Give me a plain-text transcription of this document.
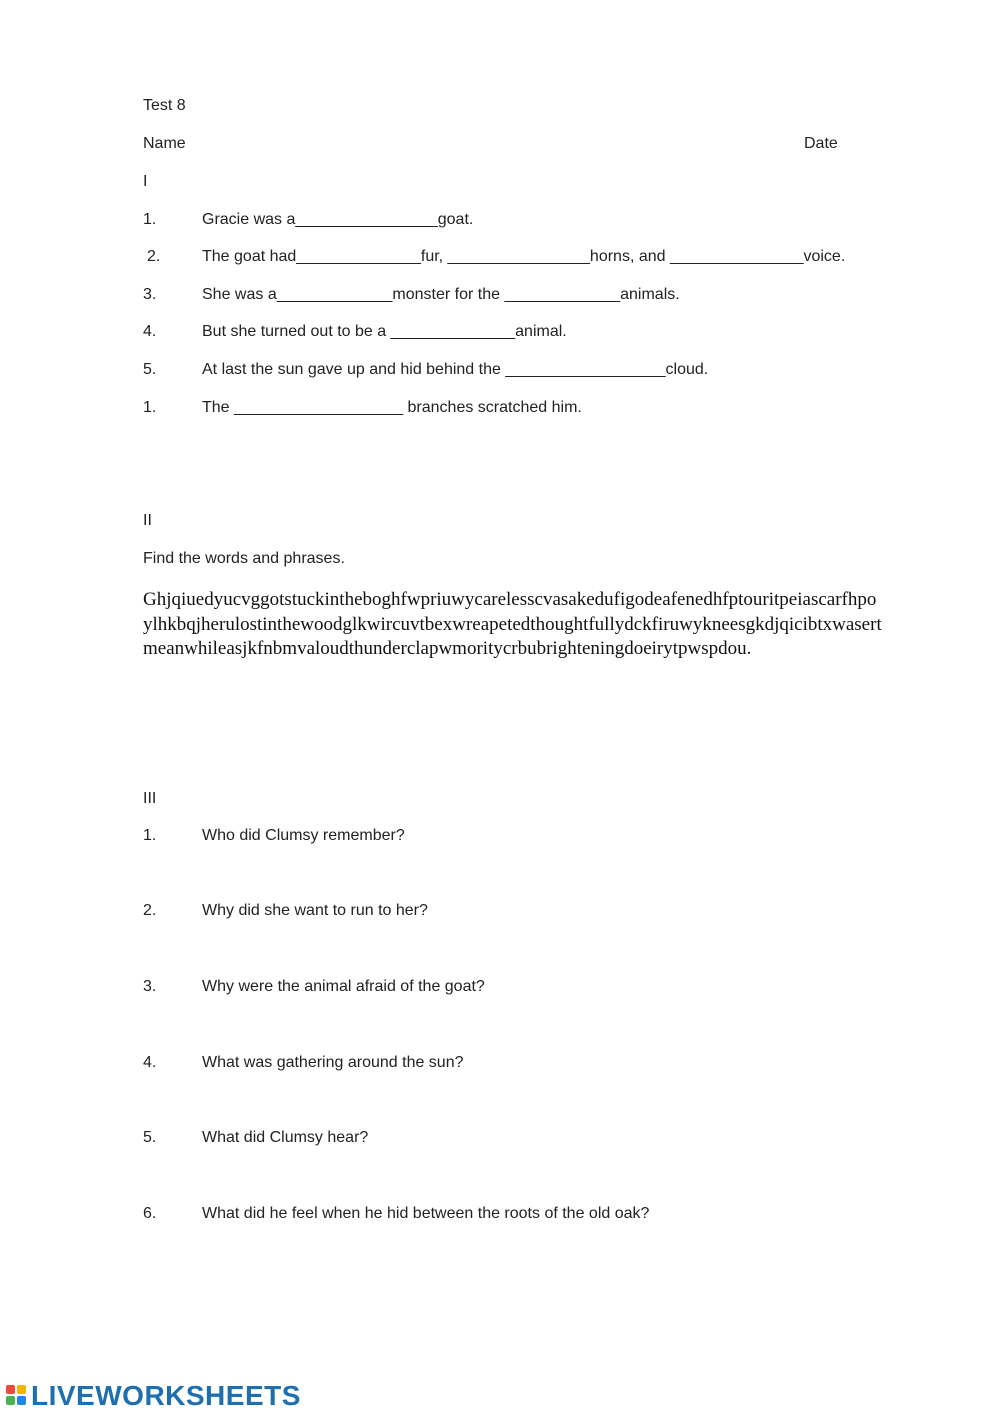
Test 8
Name	Date
I
1.	Gracie was a________________goat.
2.	The goat had______________fur, ________________horns, and _______________voice.
3.	She was a_____________monster for the _____________animals.
4.	But she turned out to be a ______________animal.
5.	At last the sun gave up and hid behind the __________________cloud.
1.	The ___________________ branches scratched him.
II
Find the words and phrases.
Ghjqiuedyucvggotstuckintheboghfwpriuwycarelesscvasakedufigodeafenedhfptouritpeiascarfhpo
ylhkbqjherulostinthewoodglkwircuvtbexwreapetedthoughtfullydckfiruwykneesgkdjqicibtxwasert
meanwhileasjkfnbmvaloudthunderclapwmoritycrbubrighteningdoeirytpwspdou.
III
1.	Who did Clumsy remember?
2.	Why did she want to run to her?
3.	Why were the animal afraid of the goat?
4.	What was gathering around the sun?
5.	What did Clumsy hear?
6.	What did he feel when he hid between the roots of the old oak?
LIVEWORKSHEETS
